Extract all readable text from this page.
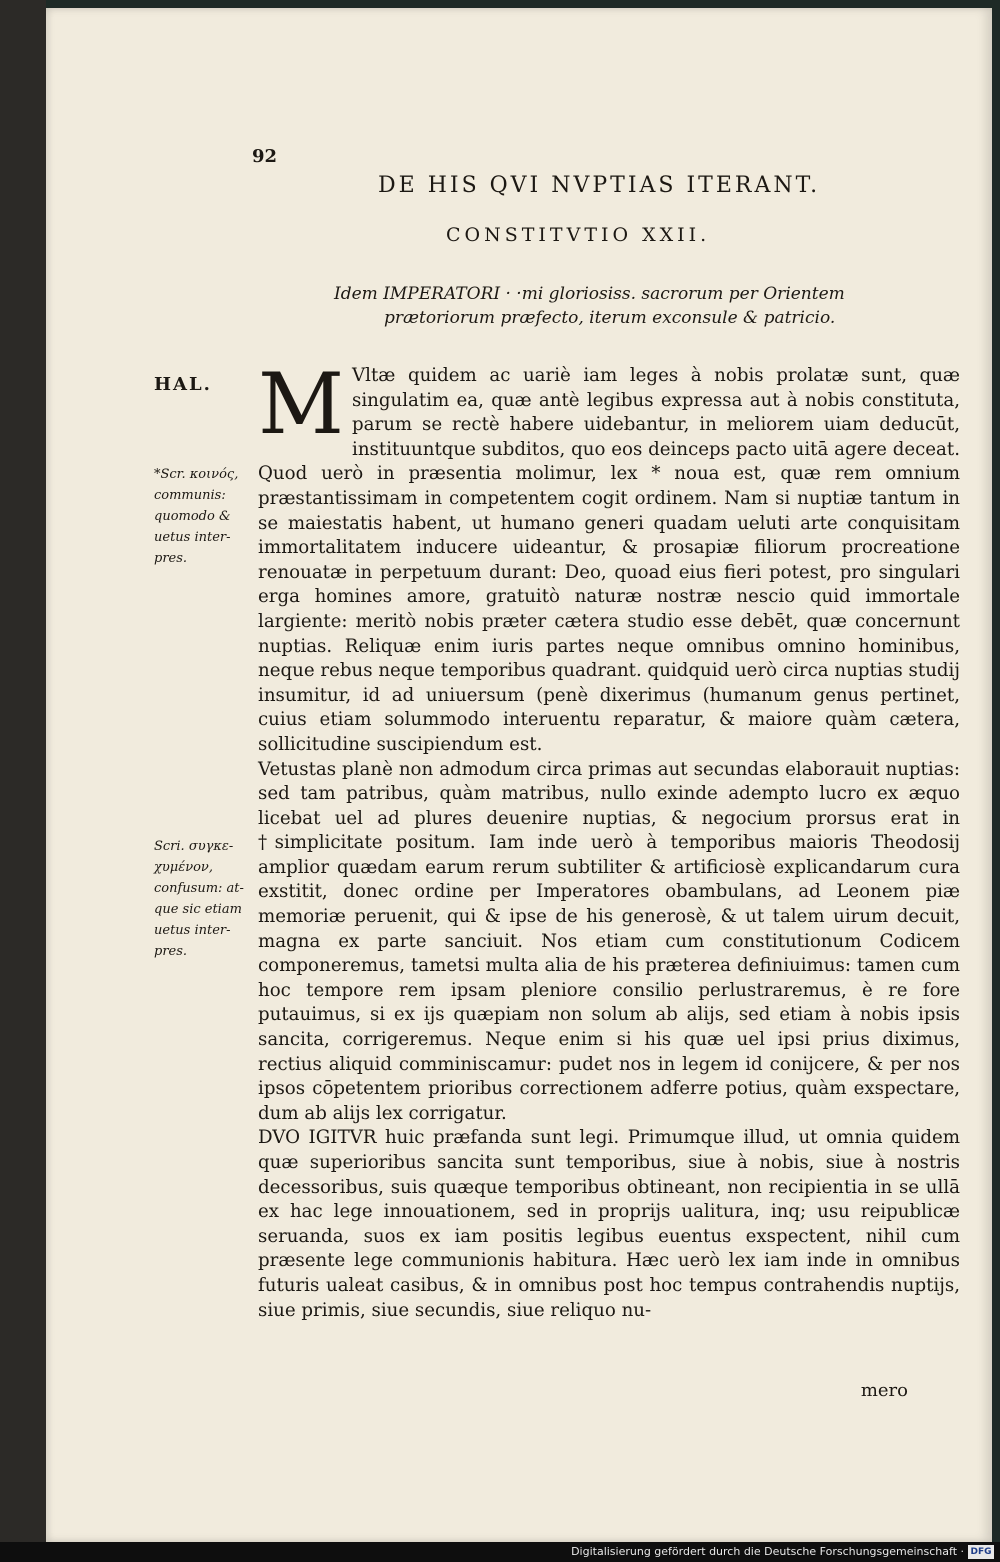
92
DE HIS QVI NVPTIAS ITERANT.
CONSTITVTIO XXII.
Idem IMPERATORI · ·mi gloriosiss. sacrorum per Orientem
prætoriorum præfecto, iterum exconsule & patricio.
HAL.
*Scr. κοινός,
communis:
quomodo &
uetus inter-
pres.
Scri. συγκε-
χυμένον,
confusum: at-
que sic etiam
uetus inter-
pres.
M Vltæ quidem ac uariè iam leges à nobis prolatæ sunt, quæ singulatim ea, quæ antè legibus expressa aut à nobis constituta, parum se rectè habere uidebantur, in meliorem uiam deducūt, instituuntque subditos, quo eos deinceps pacto uitā agere deceat. Quod uerò in præsentia molimur, lex * noua est, quæ rem omnium præstantissimam in competentem cogit ordinem. Nam si nuptiæ tantum in se maiestatis habent, ut humano generi quadam ueluti arte conquisitam immortalitatem inducere uideantur, & prosapiæ filiorum procreatione renouatæ in perpetuum durant: Deo, quoad eius fieri potest, pro singulari erga homines amore, gratuitò naturæ nostræ nescio quid immortale largiente: meritò nobis præter cætera studio esse debēt, quæ concernunt nuptias. Reliquæ enim iuris partes neque omnibus omnino hominibus, neque rebus neque temporibus quadrant. quidquid uerò circa nuptias studij insumitur, id ad uniuersum (penè dixerimus (humanum genus pertinet, cuius etiam solummodo interuentu reparatur, & maiore quàm cætera, sollicitudine suscipiendum est.

Vetustas planè non admodum circa primas aut secundas elaborauit nuptias: sed tam patribus, quàm matribus, nullo exinde adempto lucro ex æquo licebat uel ad plures deuenire nuptias, & negocium prorsus erat in †simplicitate positum. Iam inde uerò à temporibus maioris Theodosij amplior quædam earum rerum subtiliter & artificiosè explicandarum cura exstitit, donec ordine per Imperatores obambulans, ad Leonem piæ memoriæ peruenit, qui & ipse de his generosè, & ut talem uirum decuit, magna ex parte sanciuit. Nos etiam cum constitutionum Codicem componeremus, tametsi multa alia de his præterea definiuimus: tamen cum hoc tempore rem ipsam pleniore consilio perlustraremus, è re fore putauimus, si ex ijs quæpiam non solum ab alijs, sed etiam à nobis ipsis sancita, corrigeremus. Neque enim si his quæ uel ipsi prius diximus, rectius aliquid comminiscamur: pudet nos in legem id conijcere, & per nos ipsos cōpetentem prioribus correctionem adferre potius, quàm exspectare, dum ab alijs lex corrigatur.

DVO IGITVR huic præfanda sunt legi. Primumque illud, ut omnia quidem quæ superioribus sancita sunt temporibus, siue à nobis, siue à nostris decessoribus, suis quæque temporibus obtineant, non recipientia in se ullā ex hac lege innouationem, sed in proprijs ualitura, inq; usu reipublicæ seruanda, suos ex iam positis legibus euentus exspectent, nihil cum præsente lege communionis habitura. Hæc uerò lex iam inde in omnibus futuris ualeat casibus, & in omnibus post hoc tempus contrahendis nuptijs, siue primis, siue secundis, siue reliquo nu-

mero
Digitalisierung gefördert durch die Deutsche Forschungsgemeinschaft · DFG
